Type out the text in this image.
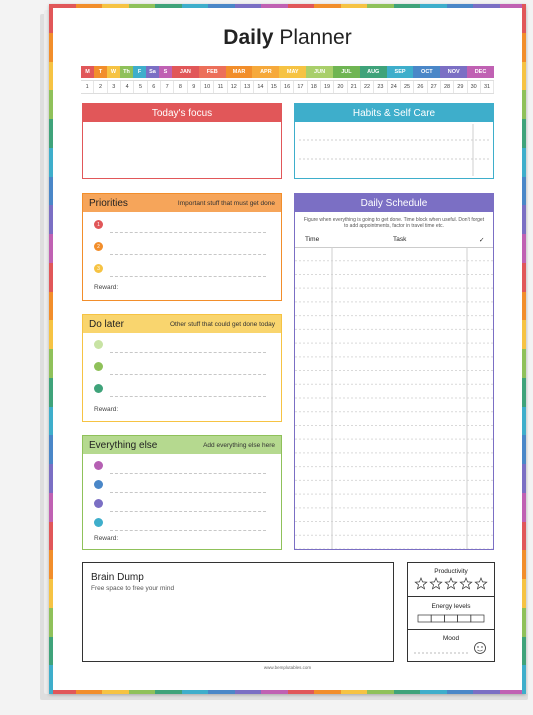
Daily Planner
M	T	W	Th	F	Sa	S	JAN	FEB	MAR	APR	MAY	JUN	JUL	AUG	SEP	OCT	NOV	DEC
1	2	3	4	5	6	7	8	9	10	11	12	13	14	15	16	17	18	19	20	21	22	23	24	25	26	27	28	29	30	31
Today's focus	Habits & Self Care
Priorities	Important stuff that must get done
1
2
3
Reward:
Do later	Other stuff that could get done today
Reward:
Everything else	Add everything else here
Reward:
Daily Schedule
Figure when everything is going to get done. Time block when useful. Don't forget to add appointments, factor in travel time etc.
Time	Task	✓
Brain Dump
Free space to free your mind
Productivity
Energy levels
Mood
www.bemplutables.com
